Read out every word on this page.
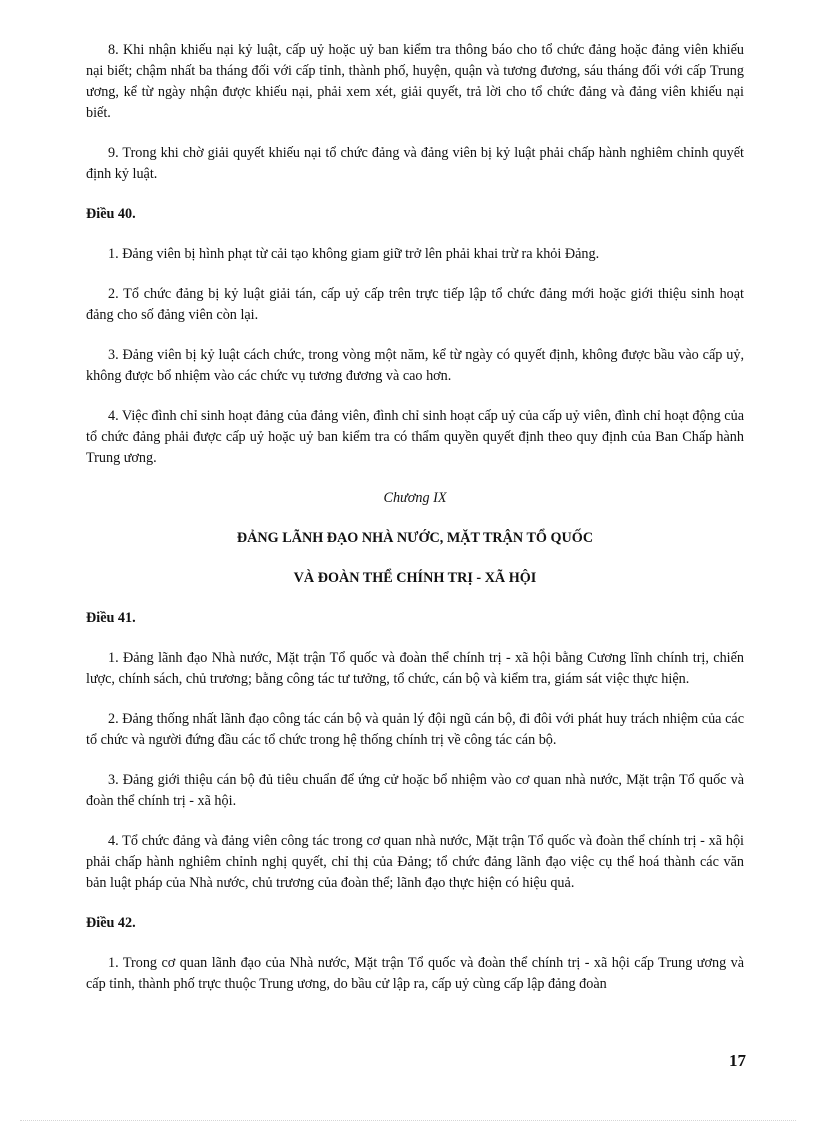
8. Khi nhận khiếu nại kỷ luật, cấp uỷ hoặc uỷ ban kiểm tra thông báo cho tổ chức đảng hoặc đảng viên khiếu nại biết; chậm nhất ba tháng đối với cấp tỉnh, thành phố, huyện, quận và tương đương, sáu tháng đối với cấp Trung ương, kể từ ngày nhận được khiếu nại, phải xem xét, giải quyết, trả lời cho tổ chức đảng và đảng viên khiếu nại biết.
9. Trong khi chờ giải quyết khiếu nại tổ chức đảng và đảng viên bị kỷ luật phải chấp hành nghiêm chỉnh quyết định kỷ luật.
Điều 40.
1. Đảng viên bị hình phạt từ cải tạo không giam giữ trở lên phải khai trừ ra khỏi Đảng.
2. Tổ chức đảng bị kỷ luật giải tán, cấp uỷ cấp trên trực tiếp lập tổ chức đảng mới hoặc giới thiệu sinh hoạt đảng cho số đảng viên còn lại.
3. Đảng viên bị kỷ luật cách chức, trong vòng một năm, kể từ ngày có quyết định, không được bầu vào cấp uỷ, không được bổ nhiệm vào các chức vụ tương đương và cao hơn.
4. Việc đình chỉ sinh hoạt đảng của đảng viên, đình chỉ sinh hoạt cấp uỷ của cấp uỷ viên, đình chỉ hoạt động của tổ chức đảng phải được cấp uỷ hoặc uỷ ban kiểm tra có thẩm quyền quyết định theo quy định của Ban Chấp hành Trung ương.
Chương IX
ĐẢNG LÃNH ĐẠO NHÀ NƯỚC, MẶT TRẬN TỔ QUỐC
VÀ ĐOÀN THỂ CHÍNH TRỊ - XÃ HỘI
Điều 41.
1. Đảng lãnh đạo Nhà nước, Mặt trận Tổ quốc và đoàn thể chính trị - xã hội bằng Cương lĩnh chính trị, chiến lược, chính sách, chủ trương; bằng công tác tư tưởng, tổ chức, cán bộ và kiểm tra, giám sát việc thực hiện.
2. Đảng thống nhất lãnh đạo công tác cán bộ và quản lý đội ngũ cán bộ, đi đôi với phát huy trách nhiệm của các tổ chức và người đứng đầu các tổ chức trong hệ thống chính trị về công tác cán bộ.
3. Đảng giới thiệu cán bộ đủ tiêu chuẩn để ứng cử hoặc bổ nhiệm vào cơ quan nhà nước, Mặt trận Tổ quốc và đoàn thể chính trị - xã hội.
4. Tổ chức đảng và đảng viên công tác trong cơ quan nhà nước, Mặt trận Tổ quốc và đoàn thể chính trị - xã hội phải chấp hành nghiêm chỉnh nghị quyết, chỉ thị của Đảng; tổ chức đảng lãnh đạo việc cụ thể hoá thành các văn bản luật pháp của Nhà nước, chủ trương của đoàn thể; lãnh đạo thực hiện có hiệu quả.
Điều 42.
1. Trong cơ quan lãnh đạo của Nhà nước, Mặt trận Tổ quốc và đoàn thể chính trị - xã hội cấp Trung ương và cấp tỉnh, thành phố trực thuộc Trung ương, do bầu cử lập ra, cấp uỷ cùng cấp lập đảng đoàn
17
